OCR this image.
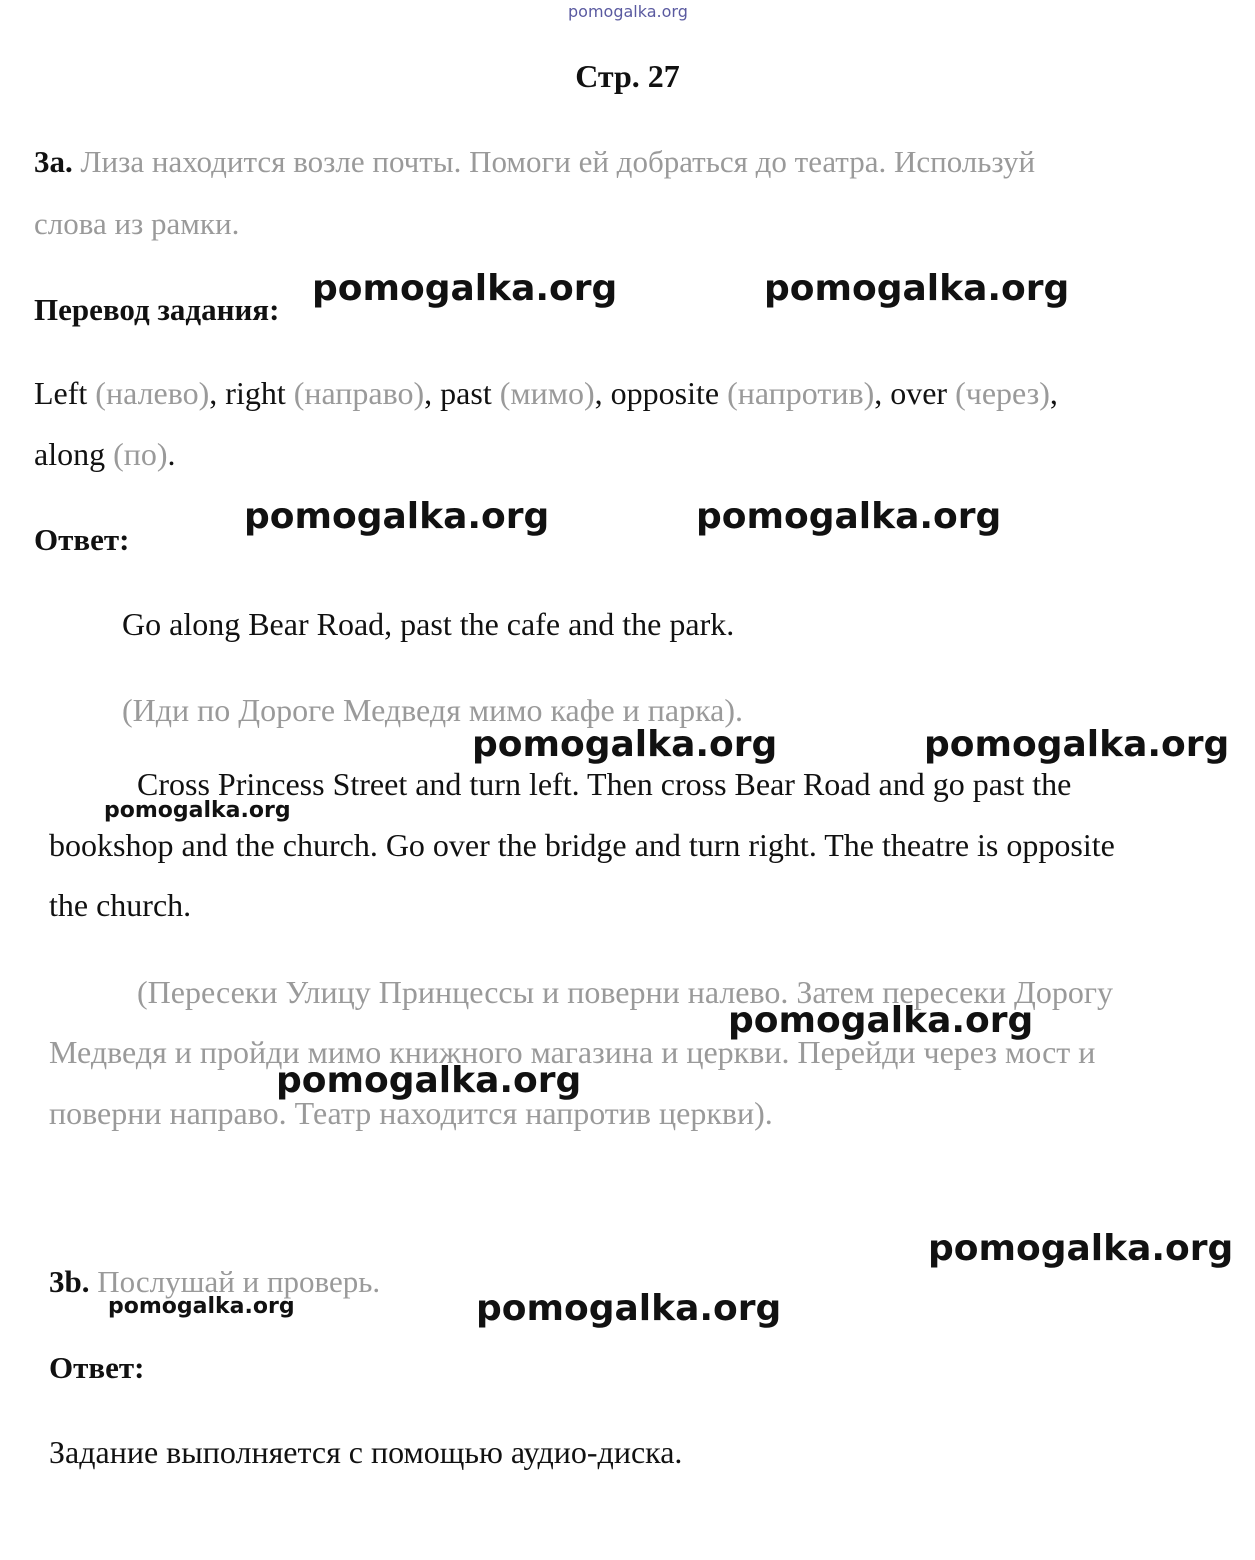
pomogalka.org
Стр. 27
3a. Лиза находится возле почты. Помоги ей добраться до театра. Используй
слова из рамки.
Перевод задания:
Left (налево), right (направо), past (мимо), opposite (напротив), over (через),
along (по).
Ответ:
Go along Bear Road, past the cafe and the park.
(Иди по Дороге Медведя мимо кафе и парка).
Cross Princess Street and turn left. Then cross Bear Road and go past the
bookshop and the church. Go over the bridge and turn right. The theatre is opposite
the church.
(Пересеки Улицу Принцессы и поверни налево. Затем пересеки Дорогу
Медведя и пройди мимо книжного магазина и церкви. Перейди через мост и
поверни направо. Театр находится напротив церкви).
3b. Послушай и проверь.
Ответ:
Задание выполняется с помощью аудио-диска.
pomogalka.org	pomogalka.org
pomogalka.org	pomogalka.org
pomogalka.org	pomogalka.org
pomogalka.org
pomogalka.org
pomogalka.org
pomogalka.org
pomogalka.org	pomogalka.org
